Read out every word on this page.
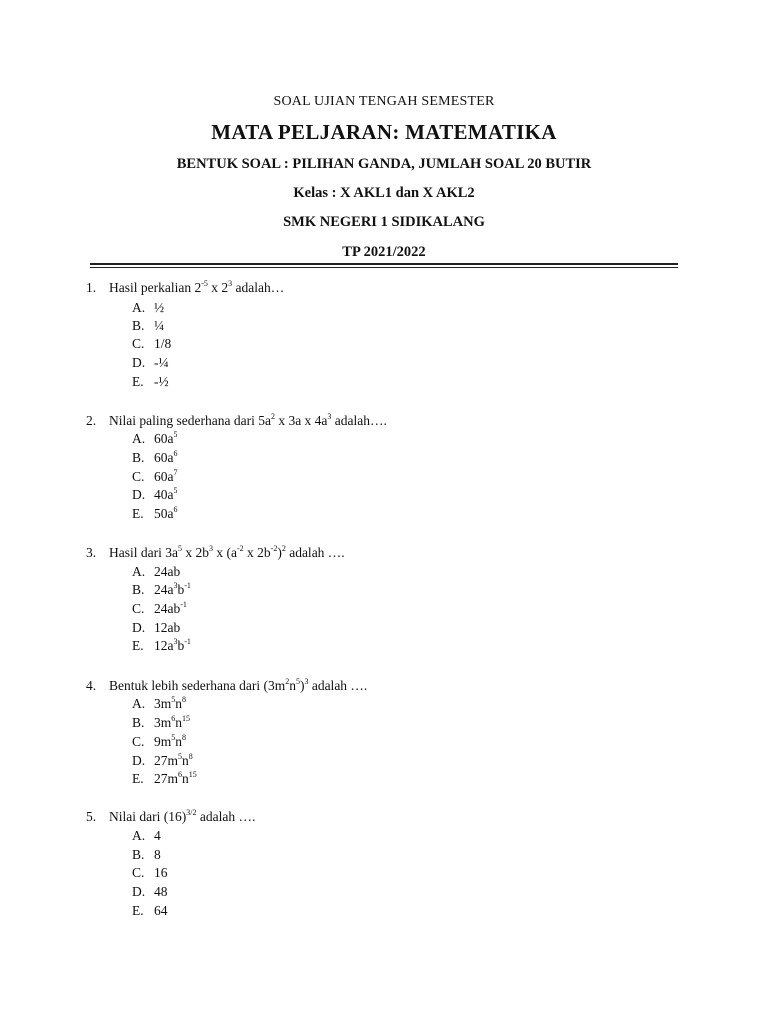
SOAL UJIAN TENGAH SEMESTER
MATA PELJARAN: MATEMATIKA
BENTUK SOAL : PILIHAN GANDA, JUMLAH SOAL 20 BUTIR
Kelas : X AKL1 dan X AKL2
SMK NEGERI 1 SIDIKALANG
TP 2021/2022
1. Hasil perkalian $2^{-5}$ x $2^3$ adalah…
A. ½
B. ¼
C. 1/8
D. -¼
E. -½
2. Nilai paling sederhana dari $5a^2$ x 3a x $4a^3$ adalah….
A. $60a^5$
B. $60a^6$
C. $60a^7$
D. $40a^5$
E. $50a^6$
3. Hasil dari $3a^5$ x $2b^3$ x ($a^{-2}$ x $2b^{-2})^2$ adalah ….
A. 24ab
B. $24a^3b^{-1}$
C. $24ab^{-1}$
D. 12ab
E. $12a^3b^{-1}$
4. Bentuk lebih sederhana dari $(3m^2n^5)^3$ adalah ….
A. $3m^5n^8$
B. $3m^6n^{15}$
C. $9m^5n^8$
D. $27m^5n^8$
E. $27m^6n^{15}$
5. Nilai dari $(16)^{3/2}$ adalah ….
A. 4
B. 8
C. 16
D. 48
E. 64
